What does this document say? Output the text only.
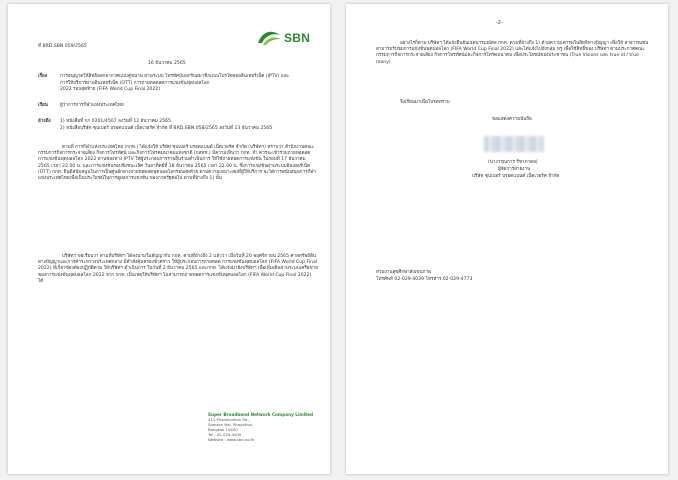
SBN
ที่ BRD.SBN 059/2565
16 ธันวาคม 2565
เรื่อง	การอนุญาตให้สิทธิออกอากาศแบบคู่ขนาน ผ่านระบบ โทรทัศน์บอกรับสมาชิกแบบโปรโตคอลอินเทอร์เน็ต (IPTV) และ
การให้บริการผ่านอินเทอร์เน็ต (OTT) การถ่ายทอดสดการแข่งขันฟุตบอลโลก
2022 รอบสุดท้าย (FIFA World Cup Final 2022)
เรียน	ผู้ว่าการการกีฬาแห่งประเทศไทย
อ้างถึง 1) หนังสือที่ กก 0201/4507 ลงวันที่ 12 ธันวาคม 2565
2) หนังสือบริษัท ซุปเปอร์ บรอดแบนด์ เน็ตเวอร์ค จำกัด ที่ BRD.SBN 058/2565 ลงวันที่ 13 ธันวาคม 2565
ตามที่ การกีฬาแห่งประเทศไทย (กกท.) ได้แจ้งให้ บริษัท ซุปเปอร์ บรอดแบนด์ เน็ตเวอร์ค จำกัด (บริษัทฯ) ทราบว่า สำนักงานคณะกรรมการกิจการกระจายเสียง กิจการโทรทัศน์ และกิจการโทรคมนาคมแห่งชาติ (กสทช.) มีความเห็นว่า กกท. จำ ควรจะเข้าร่วมถ่ายทอดสดการแข่งขันฟุตบอลโลก 2022 ผ่านช่องทาง IPTV ให้ผู้ประกอบการรายอื่นร่วมดำเนินการ ให้ใช้ถ่ายทอดการแข่งขัน ในรอบที่ 17 ธันวาคม 2565 เวลา 22.00 น. และการแข่งขันรอบชิงชนะเลิศ วันอาทิตย์ที่ 18 ธันวาคม 2565 เวลา 22.00 น. ซึ่งการแข่งขันผ่านระบบอินเทอร์เน็ต (OTT) กกท. ยินดีสนับสนุนในการเป็นศูนย์กลางถ่ายทอดสดฟุตบอลโลกรอบสุดท้าย ตามความเหมาะสมที่ผู้ให้บริการ จะได้การสนับสนุนการกีฬาแห่งประเทศไทยเพื่อเป็นประโยชน์ในการดูผลการแข่งขัน ของภาครัฐต่อไป ตามที่อ้างถึง 1) นั้น
บริษัทฯ ขอเรียนว่า ตามที่บริษัทฯ ได้ลงนามในสัญญากับ กกท. ตามที่อ้างถึง 2 แล้วว่า เมื่อวันที่ 20 พฤศจิกายน 2565 ศาลทรัพย์สินทางปัญญาและการค้าระหว่างประเทศกลาง มีคำสั่งคุ้มครองชั่วคราว ให้ผู้ประกอบการถ่ายทอด การแข่งขันฟุตบอลโลก (FIFA World Cup Final 2022) ที่เกี่ยวข้องต้องปฏิบัติตาม ให้บริษัทฯ ดำเนินการ ในวันที่ 2 ธันวาคม 2565 และกกท. ได้แจ้งมายังบริษัทฯ เพื่อเพิ่มเติมผ่านระบบเครือข่ายของการแข่งขันฟุตบอลโลก 2022 จาก กกท. เป็นเหตุให้บริษัทฯ ไม่สามารถถ่ายทอดการแข่งขันฟุตบอลโลก (FIFA World Cup Final 2022) ได้
Super Broadband Network Company Limited
414 Phaholyothin Rd.,
Samsen Nai, Phayathai,
Bangkok 10400
Tel : 02-029-4000
Website : www.sbn.co.th
-2-
อย่างไรก็ตาม บริษัทฯ ได้แจ้งยืนยันเจตนารมณ์ต่อ กกท. ตามที่อ้างถึง 1) ด้วยความเคารพในสิทธิทางปัญญา เพื่อให้ สาธารณชนสามารถรับชมการแข่งขันฟุตบอลโลก (FIFA World Cup Final 2022) และได้แจ้งไปยังกลุ่ม ทรู เพื่อใช้สิทธิ์ของ บริษัทฯ ตามประกาศคณะกรรมการกิจการกระจายเสียง กิจการโทรทัศน์และกิจการโทรคมนาคม เพื่อประโยชน์ของประชาชน (True Visions และ true id / true mony)
จึงเรียนมาเพื่อโปรดทราบ
ขอแสดงความนับถือ
(นางวรุณการ รีชาภาดล)
ผู้จัดการฝ่ายงาน
บริษัท ซุปเปอร์ บรอดแบนด์ เน็ตเวอร์ค จำกัด
ส่วนงานสุขศึกษาสังเขปภาพ
โทรศัพท์ 02-029-4039 โทรสาร 02-029-4773
